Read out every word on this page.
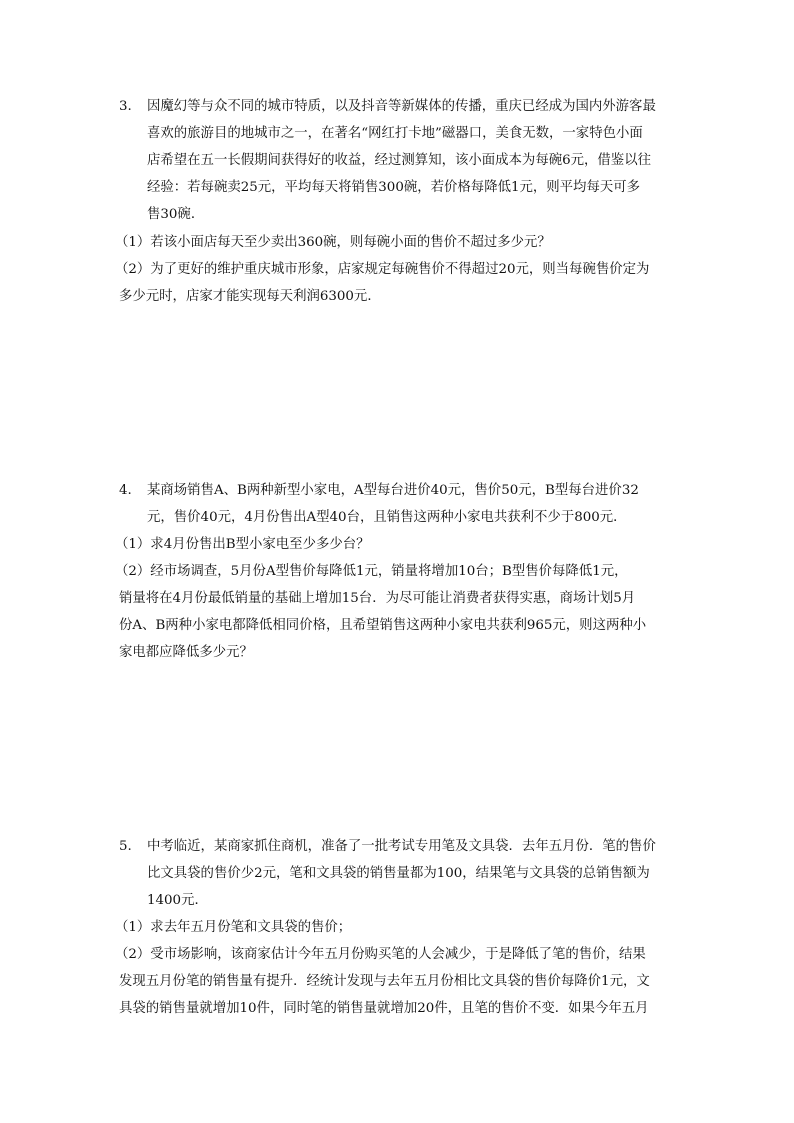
3. 因魔幻等与众不同的城市特质，以及抖音等新媒体的传播，重庆已经成为国内外游客最
喜欢的旅游目的地城市之一，在著名“网红打卡地”磁器口，美食无数，一家特色小面
店希望在五一长假期间获得好的收益，经过测算知，该小面成本为每碗6元，借鉴以往
经验：若每碗卖25元，平均每天将销售300碗，若价格每降低1元，则平均每天可多
售30碗．
（1）若该小面店每天至少卖出360碗，则每碗小面的售价不超过多少元？
（2）为了更好的维护重庆城市形象，店家规定每碗售价不得超过20元，则当每碗售价定为
多少元时，店家才能实现每天利润6300元．
4. 某商场销售A、B两种新型小家电，A型每台进价40元，售价50元，B型每台进价32
元，售价40元，4月份售出A型40台，且销售这两种小家电共获利不少于800元．
（1）求4月份售出B型小家电至少多少台？
（2）经市场调查，5月份A型售价每降低1元，销量将增加10台；B型售价每降低1元，
销量将在4月份最低销量的基础上增加15台．为尽可能让消费者获得实惠，商场计划5月
份A、B两种小家电都降低相同价格，且希望销售这两种小家电共获利965元，则这两种小
家电都应降低多少元？
5. 中考临近，某商家抓住商机，准备了一批考试专用笔及文具袋．去年五月份．笔的售价
比文具袋的售价少2元，笔和文具袋的销售量都为100，结果笔与文具袋的总销售额为
1400元．
（1）求去年五月份笔和文具袋的售价；
（2）受市场影响，该商家估计今年五月份购买笔的人会减少，于是降低了笔的售价，结果
发现五月份笔的销售量有提升．经统计发现与去年五月份相比文具袋的售价每降价1元，文
具袋的销售量就增加10件，同时笔的销售量就增加20件，且笔的售价不变．如果今年五月
